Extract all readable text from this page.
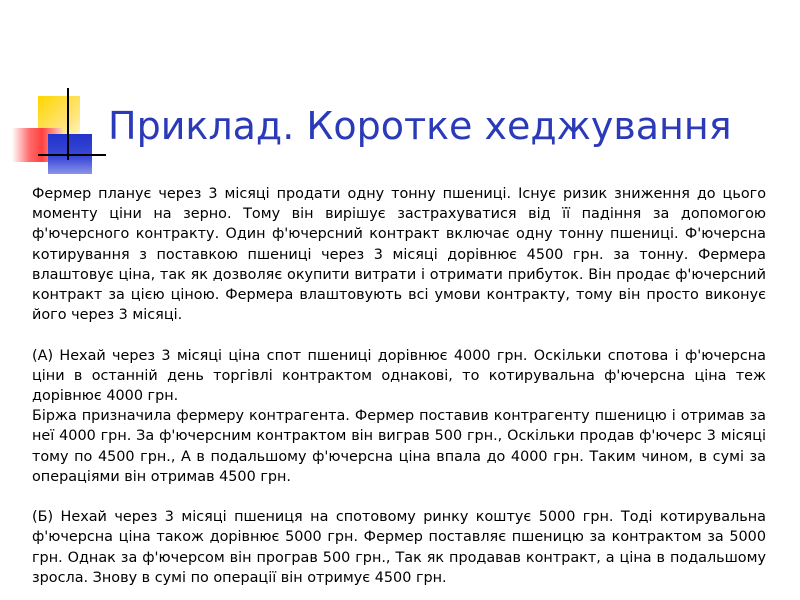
Приклад. Коротке хеджування

Фермер планує через 3 місяці продати одну тонну пшениці. Існує ризик зниження до цього моменту ціни на зерно. Тому він вирішує застрахуватися від її падіння за допомогою ф'ючерсного контракту. Один ф'ючерсний контракт включає одну тонну пшениці. Ф'ючерсна котирування з поставкою пшениці через 3 місяці дорівнює 4500 грн. за тонну. Фермера влаштовує ціна, так як дозволяє окупити витрати і отримати прибуток. Він продає ф'ючерсний контракт за цією ціною. Фермера влаштовують всі умови контракту, тому він просто виконує його через 3 місяці.

(А) Нехай через 3 місяці ціна спот пшениці дорівнює 4000 грн. Оскільки спотова і ф'ючерсна ціни в останній день торгівлі контрактом однакові, то котирувальна ф'ючерсна ціна теж дорівнює 4000 грн.

Біржа призначила фермеру контрагента. Фермер поставив контрагенту пшеницю і отримав за неї 4000 грн. За ф'ючерсним контрактом він виграв 500 грн., Оскільки продав ф'ючерс 3 місяці тому по 4500 грн., А в подальшому ф'ючерсна ціна впала до 4000 грн. Таким чином, в сумі за операціями він отримав 4500 грн.

(Б) Нехай через 3 місяці пшениця на спотовому ринку коштує 5000 грн. Тоді котирувальна ф'ючерсна ціна також дорівнює 5000 грн. Фермер поставляє пшеницю за контрактом за 5000 грн. Однак за ф'ючерсом він програв 500 грн., Так як продавав контракт, а ціна в подальшому зросла. Знову в сумі по операції він отримує 4500 грн.
